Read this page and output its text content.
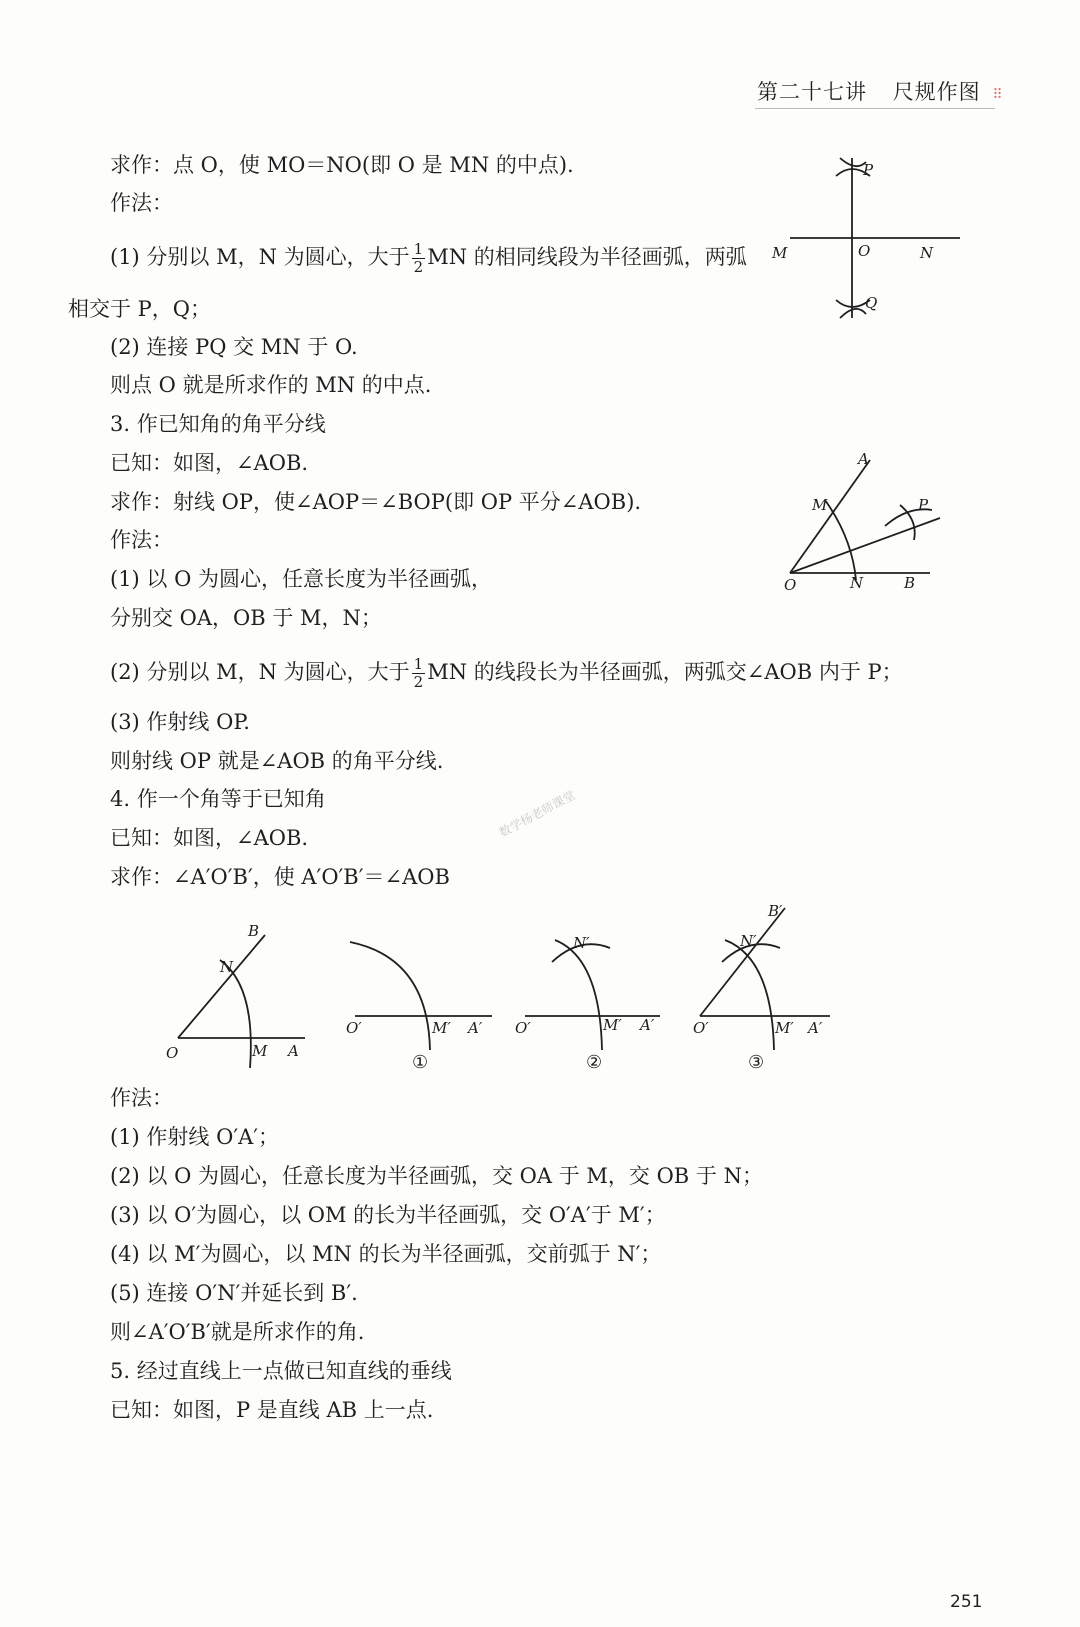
第二十七讲 尺规作图 ⠿
求作：点 O，使 MO＝NO(即 O 是 MN 的中点).
作法：
(1) 分别以 M，N 为圆心，大于 $\frac{1}{2}$ MN 的相同线段为半径画弧，两弧
相交于 P，Q；
(2) 连接 PQ 交 MN 于 O.
则点 O 就是所求作的 MN 的中点.
3. 作已知角的角平分线
已知：如图，∠AOB.
求作：射线 OP，使∠AOP＝∠BOP(即 OP 平分∠AOB).
作法：
(1) 以 O 为圆心，任意长度为半径画弧，
分别交 OA，OB 于 M，N；
(2) 分别以 M，N 为圆心，大于 $\frac{1}{2}$ MN 的线段长为半径画弧，两弧交∠AOB 内于 P；
(3) 作射线 OP.
则射线 OP 就是∠AOB 的角平分线.
4. 作一个角等于已知角
已知：如图，∠AOB.
求作：∠A′O′B′，使 A′O′B′＝∠AOB
作法：
(1) 作射线 O′A′；
(2) 以 O 为圆心，任意长度为半径画弧，交 OA 于 M，交 OB 于 N；
(3) 以 O′为圆心，以 OM 的长为半径画弧，交 O′A′于 M′；
(4) 以 M′为圆心，以 MN 的长为半径画弧，交前弧于 N′；
(5) 连接 O′N′并延长到 B′.
则∠A′O′B′就是所求作的角.
5. 经过直线上一点做已知直线的垂线
已知：如图，P 是直线 AB 上一点.
数学杨老师课堂
P
Q
M	O	N
A
M	P
O	N	B
B
N
O	M A
O′	M′ A′
①
O′
N′
M′ A′
②
B′
N′
O′	M′ A′
③
251
